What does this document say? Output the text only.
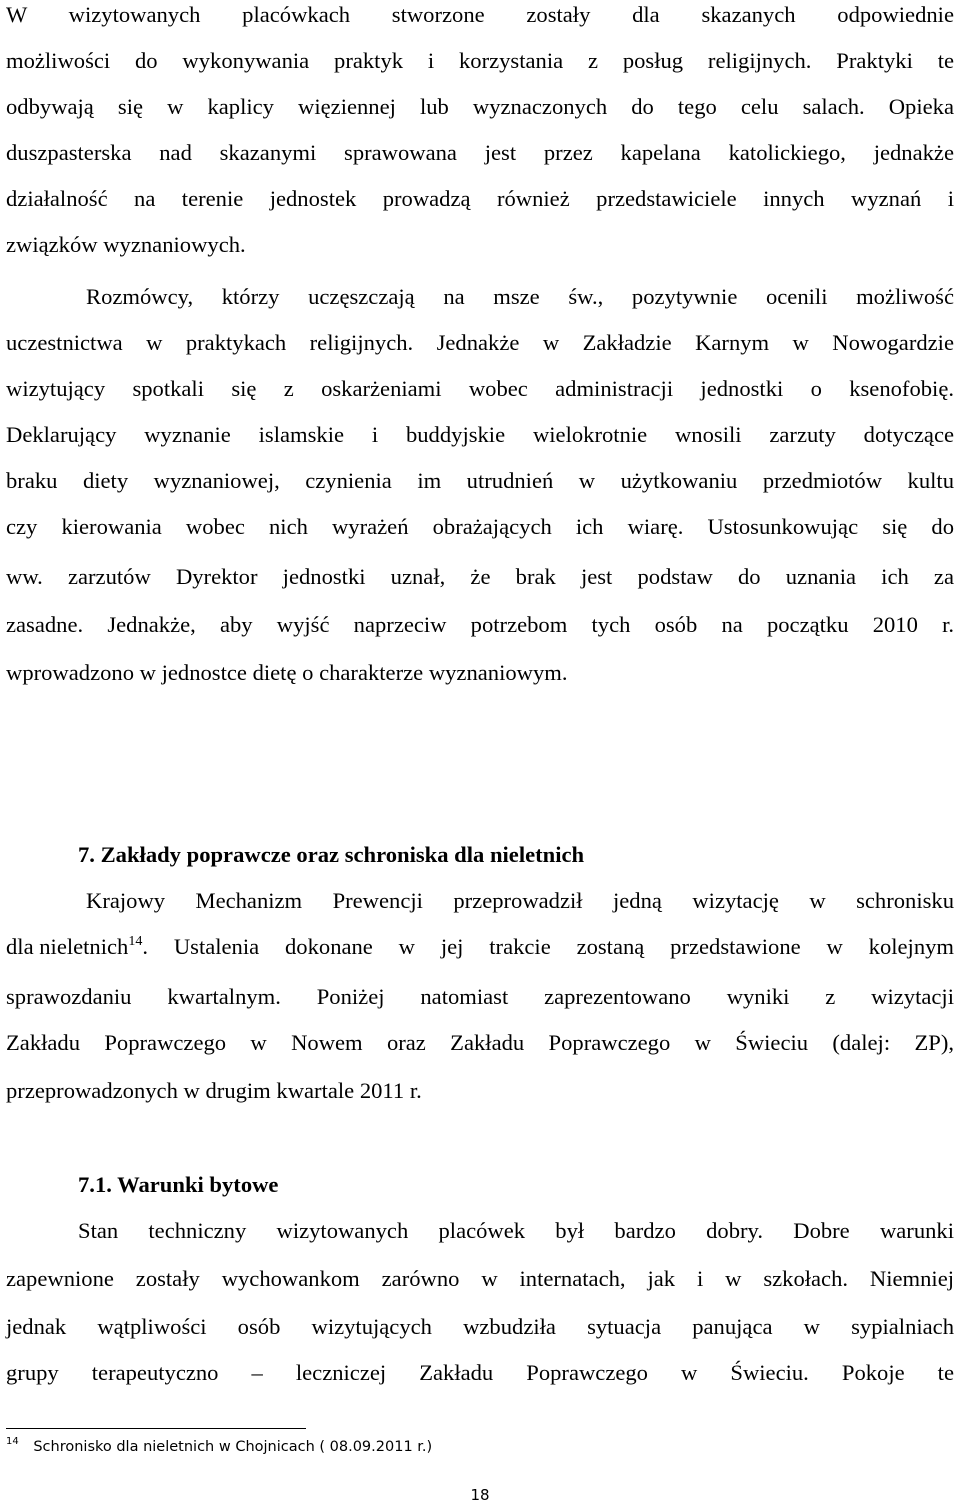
W wizytowanych placówkach stworzone zostały dla skazanych odpowiednie
możliwości do wykonywania praktyk i korzystania z posług religijnych. Praktyki te
odbywają się w kaplicy więziennej lub wyznaczonych do tego celu salach. Opieka
duszpasterska nad skazanymi sprawowana jest przez kapelana katolickiego, jednakże
działalność na terenie jednostek prowadzą również przedstawiciele innych wyznań i
związków wyznaniowych.
Rozmówcy, którzy uczęszczają na msze św., pozytywnie ocenili możliwość
uczestnictwa w praktykach religijnych. Jednakże w Zakładzie Karnym w Nowogardzie
wizytujący spotkali się z oskarżeniami wobec administracji jednostki o ksenofobię.
Deklarujący wyznanie islamskie i buddyjskie wielokrotnie wnosili zarzuty dotyczące
braku diety wyznaniowej, czynienia im utrudnień w użytkowaniu przedmiotów kultu
czy kierowania wobec nich wyrażeń obrażających ich wiarę. Ustosunkowując się do
ww. zarzutów Dyrektor jednostki uznał, że brak jest podstaw do uznania ich za
zasadne. Jednakże, aby wyjść naprzeciw potrzebom tych osób na początku 2010 r.
wprowadzono w jednostce dietę o charakterze wyznaniowym.
7. Zakłady poprawcze oraz schroniska dla nieletnich
Krajowy Mechanizm Prewencji przeprowadził jedną wizytację w schronisku
dla nieletnich$^{14}$ . Ustalenia dokonane w jej trakcie zostaną przedstawione w kolejnym
sprawozdaniu kwartalnym. Poniżej natomiast zaprezentowano wyniki z wizytacji
Zakładu Poprawczego w Nowem oraz Zakładu Poprawczego w Świeciu (dalej: ZP),
przeprowadzonych w drugim kwartale 2011 r.
7.1. Warunki bytowe
Stan techniczny wizytowanych placówek był bardzo dobry. Dobre warunki
zapewnione zostały wychowankom zarówno w internatach, jak i w szkołach. Niemniej
jednak wątpliwości osób wizytujących wzbudziła sytuacja panująca w sypialniach
grupy terapeutyczno – leczniczej Zakładu Poprawczego w Świeciu. Pokoje te
$^{14}$ Schronisko dla nieletnich w Chojnicach ( 08.09.2011 r.)
18
